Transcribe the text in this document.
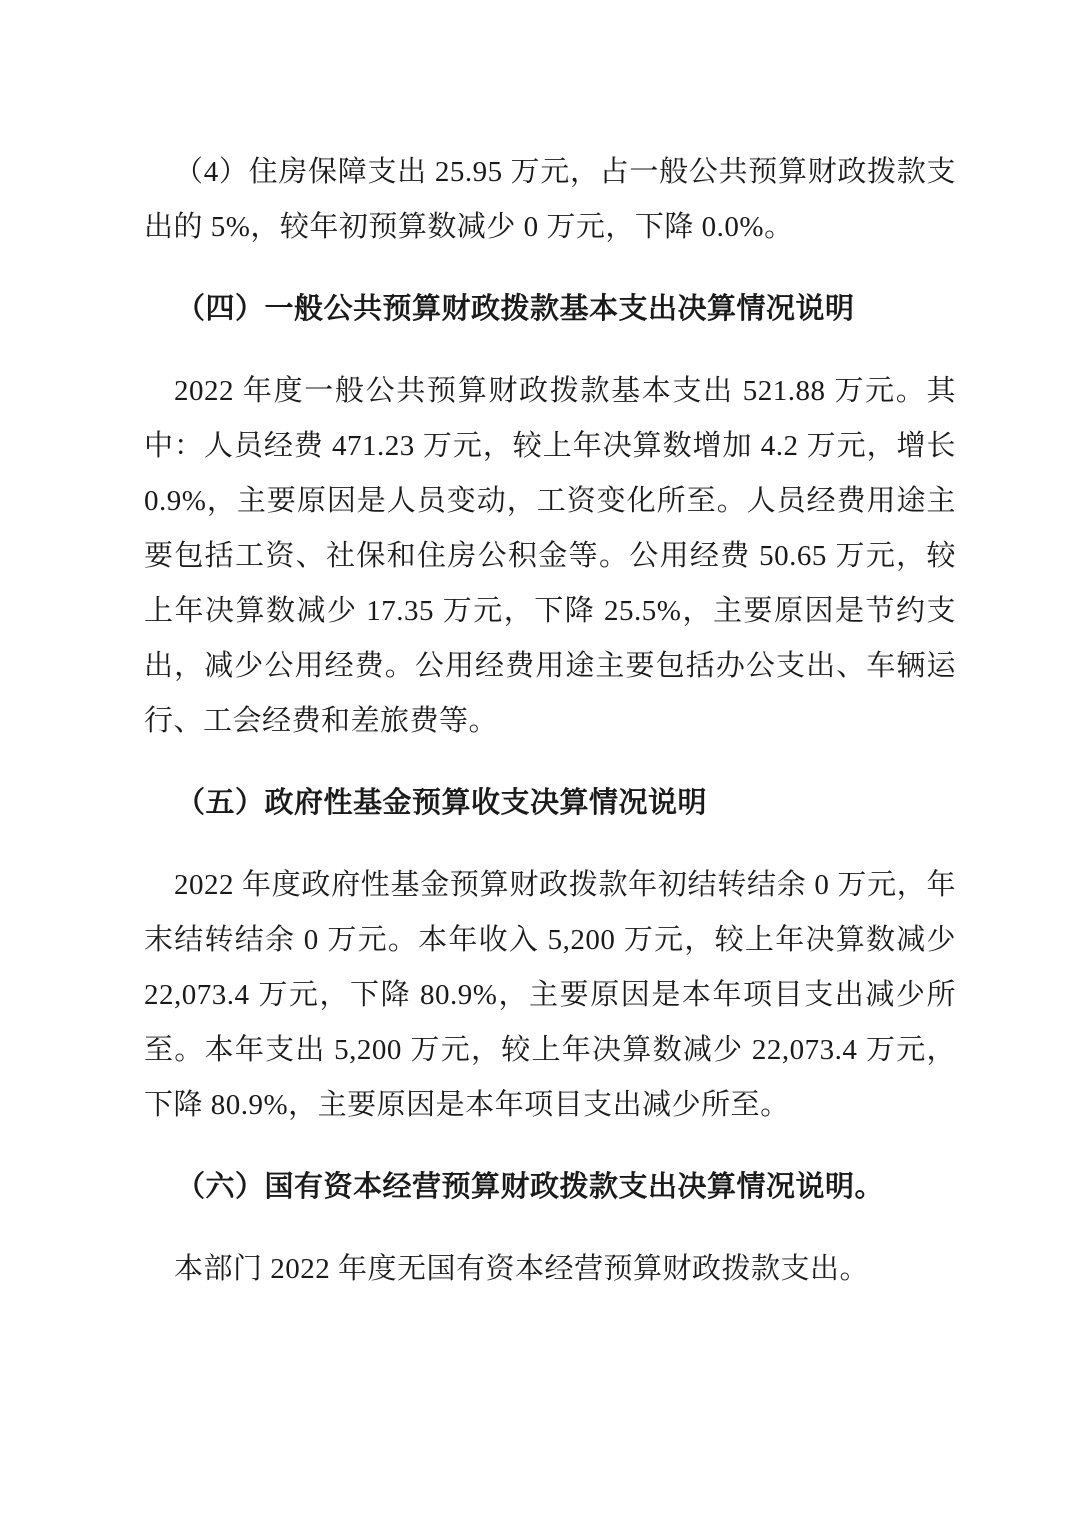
（4）住房保障支出 25.95 万元，占一般公共预算财政拨款支出的 5%，较年初预算数减少 0 万元，下降 0.0%。

（四）一般公共预算财政拨款基本支出决算情况说明

2022 年度一般公共预算财政拨款基本支出 521.88 万元。其中：人员经费 471.23 万元，较上年决算数增加 4.2 万元，增长 0.9%，主要原因是人员变动，工资变化所至。人员经费用途主要包括工资、社保和住房公积金等。公用经费 50.65 万元，较上年决算数减少 17.35 万元，下降 25.5%，主要原因是节约支出，减少公用经费。公用经费用途主要包括办公支出、车辆运行、工会经费和差旅费等。

（五）政府性基金预算收支决算情况说明

2022 年度政府性基金预算财政拨款年初结转结余 0 万元，年末结转结余 0 万元。本年收入 5,200 万元，较上年决算数减少 22,073.4 万元，下降 80.9%，主要原因是本年项目支出减少所至。本年支出 5,200 万元，较上年决算数减少 22,073.4 万元，下降 80.9%，主要原因是本年项目支出减少所至。

（六）国有资本经营预算财政拨款支出决算情况说明。

本部门 2022 年度无国有资本经营预算财政拨款支出。
